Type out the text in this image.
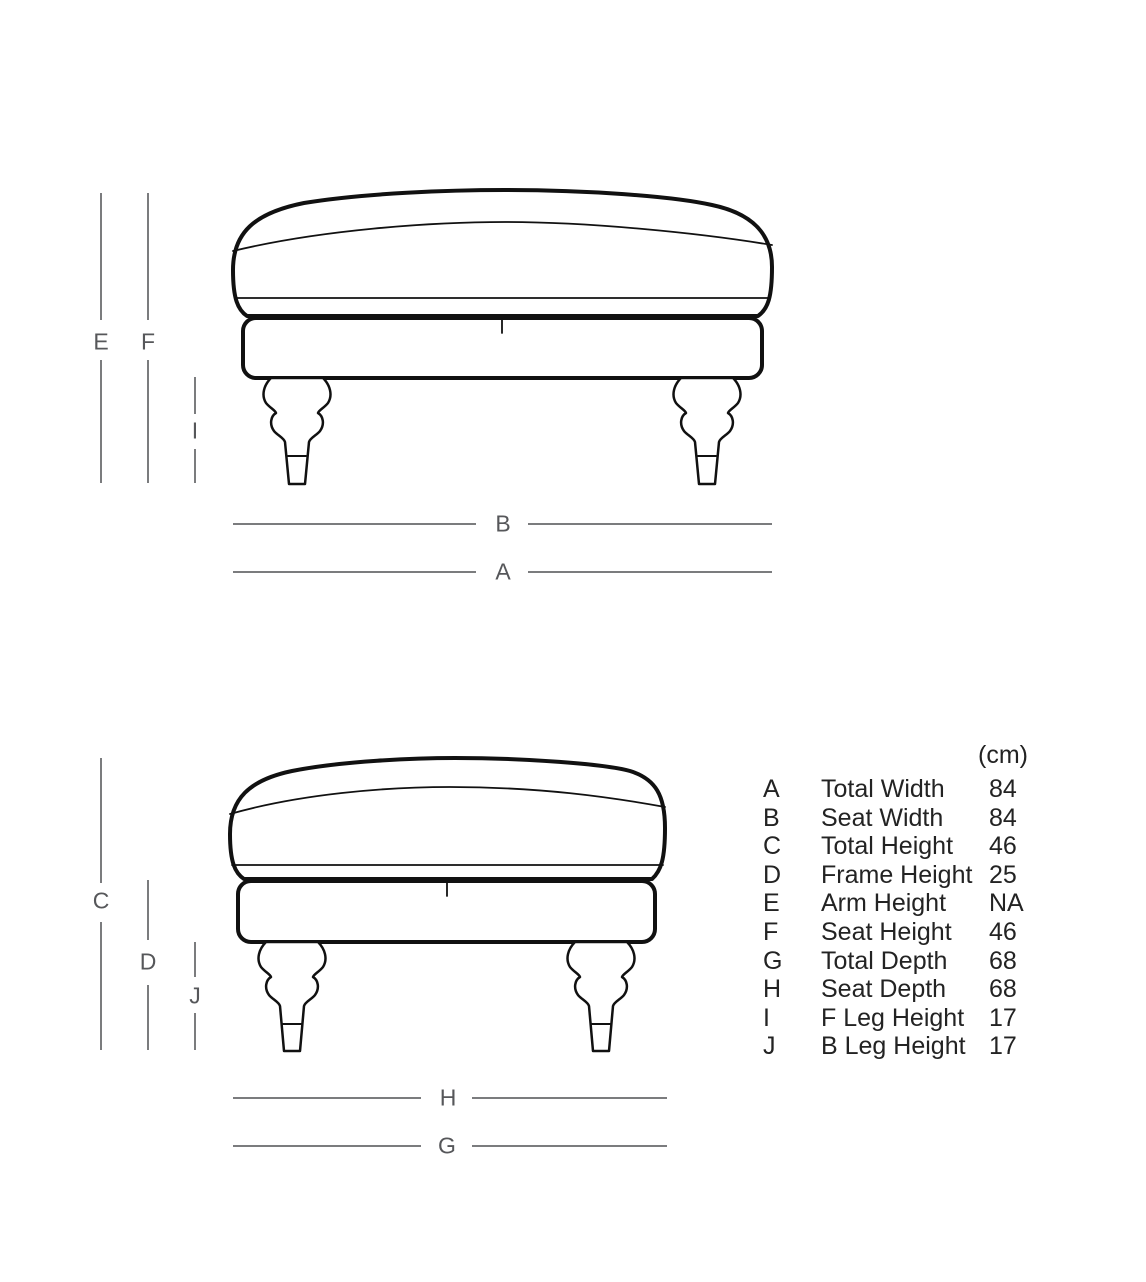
E F
I
B
A
C
D
J
H
G
(cm)
A	Total Width	84
B	Seat Width	84
C	Total Height	46
D	Frame Height 25
E	Arm Height	NA
F	Seat Height	46
G	Total Depth	68
H	Seat Depth	68
I	F Leg Height 17
J	B Leg Height 17
